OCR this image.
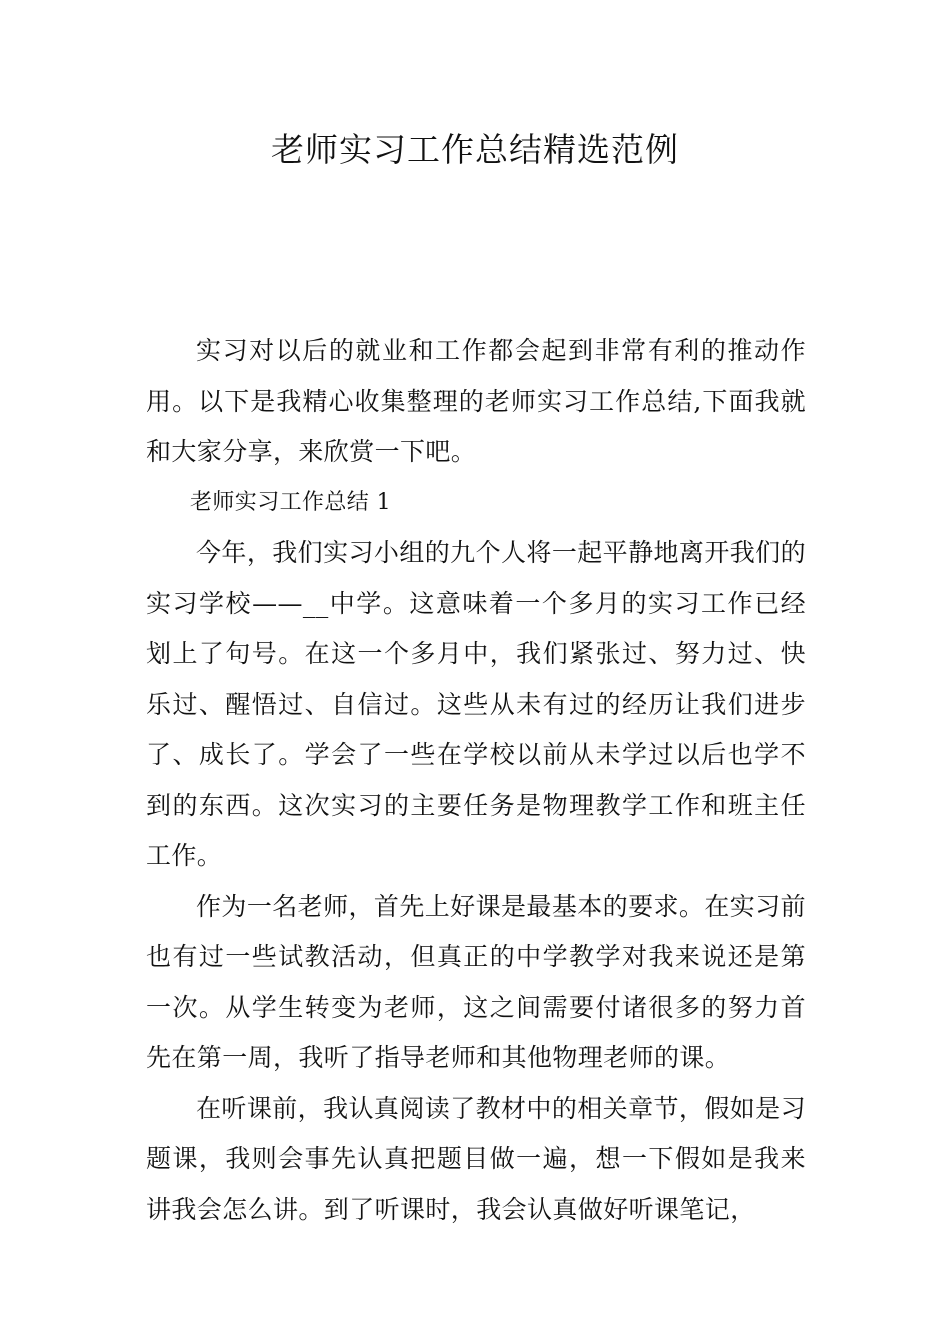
老师实习工作总结精选范例

实习对以后的就业和工作都会起到非常有利的推动作用。以下是我精心收集整理的老师实习工作总结,下面我就和大家分享，来欣赏一下吧。

老师实习工作总结 1

今年，我们实习小组的九个人将一起平静地离开我们的实习学校——__中学。这意味着一个多月的实习工作已经划上了句号。在这一个多月中，我们紧张过、努力过、快乐过、醒悟过、自信过。这些从未有过的经历让我们进步了、成长了。学会了一些在学校以前从未学过以后也学不到的东西。这次实习的主要任务是物理教学工作和班主任工作。

作为一名老师，首先上好课是最基本的要求。在实习前也有过一些试教活动，但真正的中学教学对我来说还是第一次。从学生转变为老师，这之间需要付诸很多的努力首先在第一周，我听了指导老师和其他物理老师的课。

在听课前，我认真阅读了教材中的相关章节，假如是习题课，我则会事先认真把题目做一遍，想一下假如是我来讲我会怎么讲。到了听课时，我会认真做好听课笔记，
